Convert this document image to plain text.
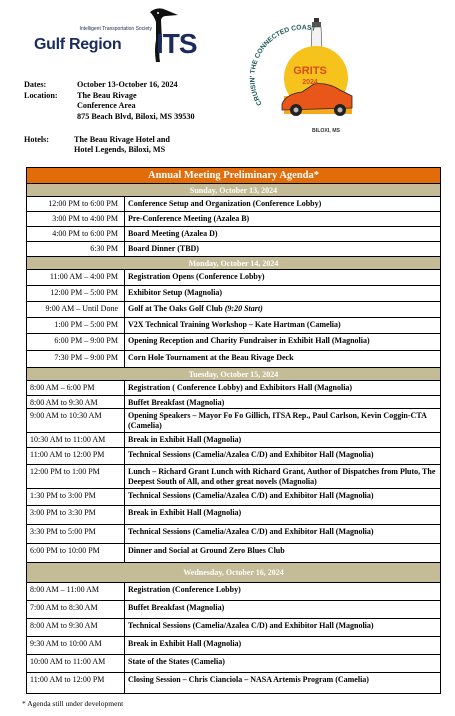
Intelligent Transportation Society
Gulf Region ITS
CRUISIN' THE CONNECTED COAST
GRITS
2024
BILOXI, MS
Dates:	October 13-October 16, 2024
Location: The Beau Rivage
Conference Area
875 Beach Blvd, Biloxi, MS 39530
Hotels:	The Beau Rivage Hotel and
Hotel Legends, Biloxi, MS
Annual Meeting Preliminary Agenda*
Sunday, October 13, 2024
12:00 PM to 6:00 PM	Conference Setup and Organization (Conference Lobby)
3:00 PM to 4:00 PM	Pre-Conference Meeting (Azalea B)
4:00 PM to 6:00 PM	Board Meeting (Azalea D)
6:30 PM	Board Dinner (TBD)
Monday, October 14, 2024
11:00 AM – 4:00 PM	Registration Opens (Conference Lobby)
12:00 PM – 5:00 PM	Exhibitor Setup (Magnolia)
9:00 AM – Until Done	Golf at The Oaks Golf Club (9:20 Start)
1:00 PM – 5:00 PM	V2X Technical Training Workshop – Kate Hartman (Camelia)
6:00 PM – 9:00 PM	Opening Reception and Charity Fundraiser in Exhibit Hall (Magnolia)
7:30 PM – 9:00 PM	Corn Hole Tournament at the Beau Rivage Deck
Tuesday, October 15, 2024
8:00 AM – 6:00 PM	Registration ( Conference Lobby) and Exhibitors Hall (Magnolia)
8:00 AM to 9:30 AM	Buffet Breakfast (Magnolia)
9:00 AM to 10:30 AM	Opening Speakers – Mayor Fo Fo Gillich, ITSA Rep., Paul Carlson, Kevin Coggin-CTA (Camelia)
10:30 AM to 11:00 AM	Break in Exhibit Hall (Magnolia)
11:00 AM to 12:00 PM	Technical Sessions (Camelia/Azalea C/D) and Exhibitor Hall (Magnolia)
12:00 PM to 1:00 PM	Lunch – Richard Grant Lunch with Richard Grant, Author of Dispatches from Pluto, The Deepest South of All, and other great novels (Magnolia)
1:30 PM to 3:00 PM	Technical Sessions (Camelia/Azalea C/D) and Exhibitor Hall (Magnolia)
3:00 PM to 3:30 PM	Break in Exhibit Hall (Magnolia)
3:30 PM to 5:00 PM	Technical Sessions (Camelia/Azalea C/D) and Exhibitor Hall (Magnolia)
6:00 PM to 10:00 PM	Dinner and Social at Ground Zero Blues Club
Wednesday, October 16, 2024
8:00 AM – 11:00 AM	Registration (Conference Lobby)
7:00 AM to 8:30 AM	Buffet Breakfast (Magnolia)
8:00 AM to 9:30 AM	Technical Sessions (Camelia/Azalea C/D) and Exhibitor Hall (Magnolia)
9:30 AM to 10:00 AM	Break in Exhibit Hall (Magnolia)
10:00 AM to 11:00 AM	State of the States (Camelia)
11:00 AM to 12:00 PM	Closing Session – Chris Cianciola – NASA Artemis Program (Camelia)
* Agenda still under development
